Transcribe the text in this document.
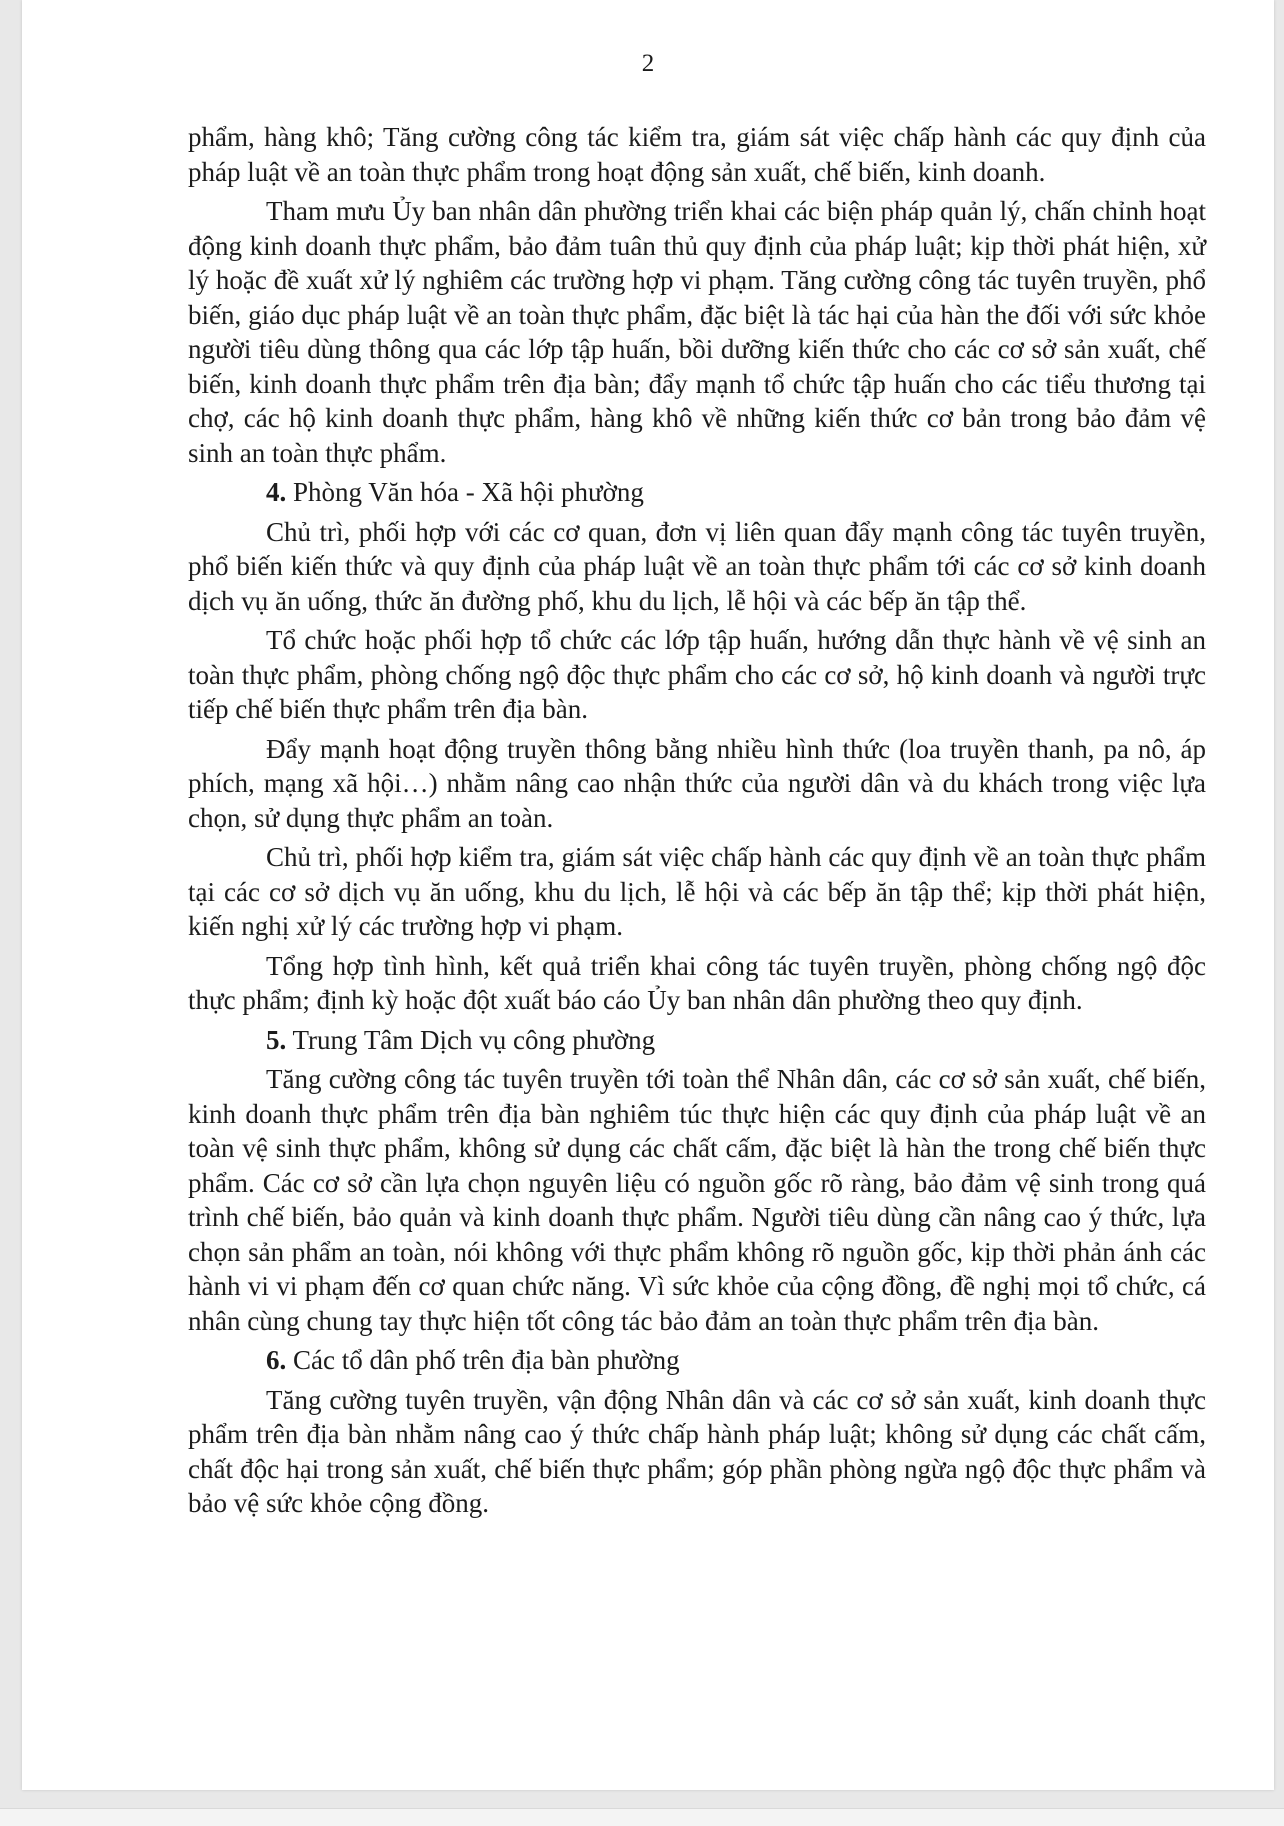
2

phẩm, hàng khô; Tăng cường công tác kiểm tra, giám sát việc chấp hành các quy định của pháp luật về an toàn thực phẩm trong hoạt động sản xuất, chế biến, kinh doanh.

Tham mưu Ủy ban nhân dân phường triển khai các biện pháp quản lý, chấn chỉnh hoạt động kinh doanh thực phẩm, bảo đảm tuân thủ quy định của pháp luật; kịp thời phát hiện, xử lý hoặc đề xuất xử lý nghiêm các trường hợp vi phạm. Tăng cường công tác tuyên truyền, phổ biến, giáo dục pháp luật về an toàn thực phẩm, đặc biệt là tác hại của hàn the đối với sức khỏe người tiêu dùng thông qua các lớp tập huấn, bồi dưỡng kiến thức cho các cơ sở sản xuất, chế biến, kinh doanh thực phẩm trên địa bàn; đẩy mạnh tổ chức tập huấn cho các tiểu thương tại chợ, các hộ kinh doanh thực phẩm, hàng khô về những kiến thức cơ bản trong bảo đảm vệ sinh an toàn thực phẩm.

4. Phòng Văn hóa - Xã hội phường

Chủ trì, phối hợp với các cơ quan, đơn vị liên quan đẩy mạnh công tác tuyên truyền, phổ biến kiến thức và quy định của pháp luật về an toàn thực phẩm tới các cơ sở kinh doanh dịch vụ ăn uống, thức ăn đường phố, khu du lịch, lễ hội và các bếp ăn tập thể.

Tổ chức hoặc phối hợp tổ chức các lớp tập huấn, hướng dẫn thực hành về vệ sinh an toàn thực phẩm, phòng chống ngộ độc thực phẩm cho các cơ sở, hộ kinh doanh và người trực tiếp chế biến thực phẩm trên địa bàn.

Đẩy mạnh hoạt động truyền thông bằng nhiều hình thức (loa truyền thanh, pa nô, áp phích, mạng xã hội…) nhằm nâng cao nhận thức của người dân và du khách trong việc lựa chọn, sử dụng thực phẩm an toàn.

Chủ trì, phối hợp kiểm tra, giám sát việc chấp hành các quy định về an toàn thực phẩm tại các cơ sở dịch vụ ăn uống, khu du lịch, lễ hội và các bếp ăn tập thể; kịp thời phát hiện, kiến nghị xử lý các trường hợp vi phạm.

Tổng hợp tình hình, kết quả triển khai công tác tuyên truyền, phòng chống ngộ độc thực phẩm; định kỳ hoặc đột xuất báo cáo Ủy ban nhân dân phường theo quy định.

5. Trung Tâm Dịch vụ công phường

Tăng cường công tác tuyên truyền tới toàn thể Nhân dân, các cơ sở sản xuất, chế biến, kinh doanh thực phẩm trên địa bàn nghiêm túc thực hiện các quy định của pháp luật về an toàn vệ sinh thực phẩm, không sử dụng các chất cấm, đặc biệt là hàn the trong chế biến thực phẩm. Các cơ sở cần lựa chọn nguyên liệu có nguồn gốc rõ ràng, bảo đảm vệ sinh trong quá trình chế biến, bảo quản và kinh doanh thực phẩm. Người tiêu dùng cần nâng cao ý thức, lựa chọn sản phẩm an toàn, nói không với thực phẩm không rõ nguồn gốc, kịp thời phản ánh các hành vi vi phạm đến cơ quan chức năng. Vì sức khỏe của cộng đồng, đề nghị mọi tổ chức, cá nhân cùng chung tay thực hiện tốt công tác bảo đảm an toàn thực phẩm trên địa bàn.

6. Các tổ dân phố trên địa bàn phường

Tăng cường tuyên truyền, vận động Nhân dân và các cơ sở sản xuất, kinh doanh thực phẩm trên địa bàn nhằm nâng cao ý thức chấp hành pháp luật; không sử dụng các chất cấm, chất độc hại trong sản xuất, chế biến thực phẩm; góp phần phòng ngừa ngộ độc thực phẩm và bảo vệ sức khỏe cộng đồng.
